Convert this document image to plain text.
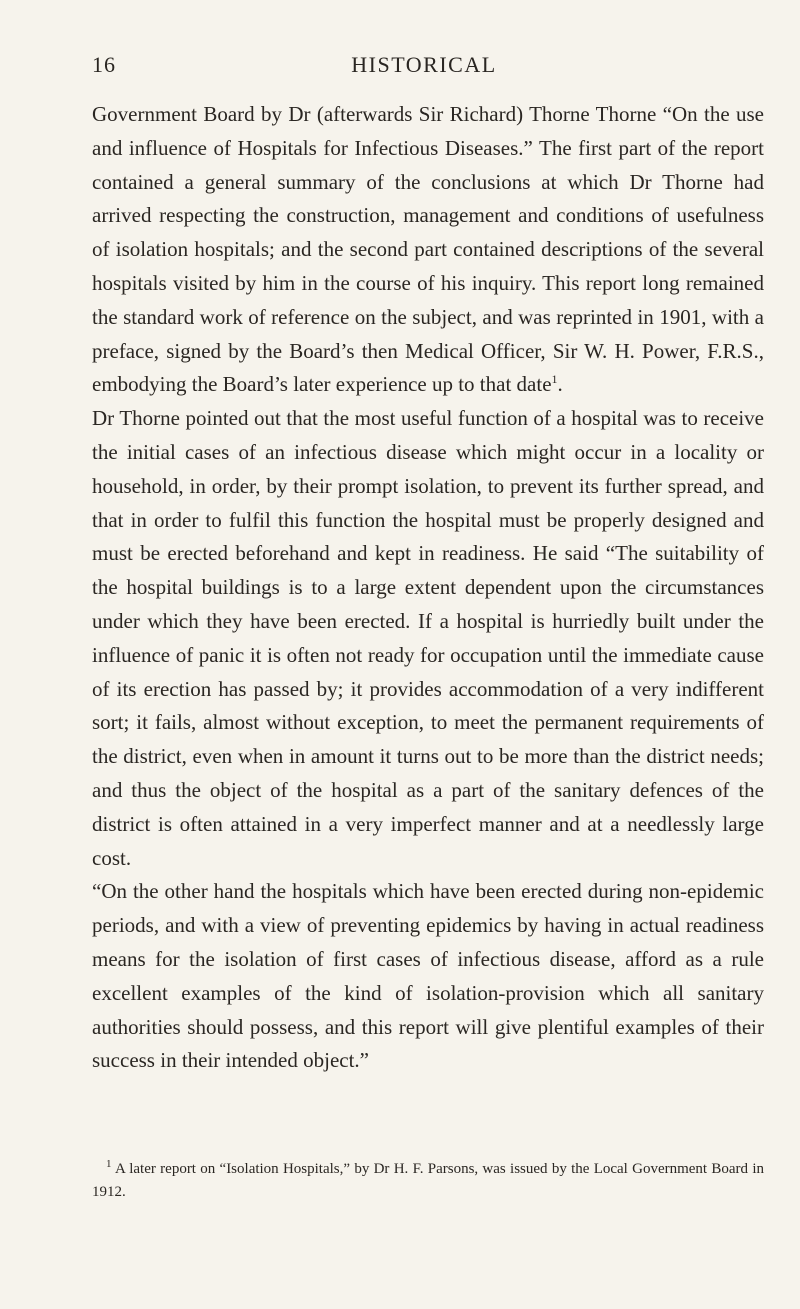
16	HISTORICAL

Government Board by Dr (afterwards Sir Richard) Thorne Thorne “On the use and influence of Hospitals for Infectious Diseases.” The first part of the report contained a general summary of the conclusions at which Dr Thorne had arrived respecting the construction, management and conditions of usefulness of isolation hospitals; and the second part contained descriptions of the several hospitals visited by him in the course of his inquiry. This report long remained the standard work of reference on the subject, and was reprinted in 1901, with a preface, signed by the Board’s then Medical Officer, Sir W. H. Power, F.R.S., embodying the Board’s later experience up to that date$^1$.

Dr Thorne pointed out that the most useful function of a hospital was to receive the initial cases of an infectious disease which might occur in a locality or household, in order, by their prompt isolation, to prevent its further spread, and that in order to fulfil this function the hospital must be properly designed and must be erected beforehand and kept in readiness. He said “The suitability of the hospital buildings is to a large extent dependent upon the circumstances under which they have been erected. If a hospital is hurriedly built under the influence of panic it is often not ready for occupation until the immediate cause of its erection has passed by; it provides accommodation of a very indifferent sort; it fails, almost without exception, to meet the permanent requirements of the district, even when in amount it turns out to be more than the district needs; and thus the object of the hospital as a part of the sanitary defences of the district is often attained in a very imperfect manner and at a needlessly large cost.

“On the other hand the hospitals which have been erected during non-epidemic periods, and with a view of preventing epidemics by having in actual readiness means for the isolation of first cases of infectious disease, afford as a rule excellent examples of the kind of isolation-provision which all sanitary authorities should possess, and this report will give plentiful examples of their success in their intended object.”

$^1$ A later report on “Isolation Hospitals,” by Dr H. F. Parsons, was issued by the Local Government Board in 1912.
